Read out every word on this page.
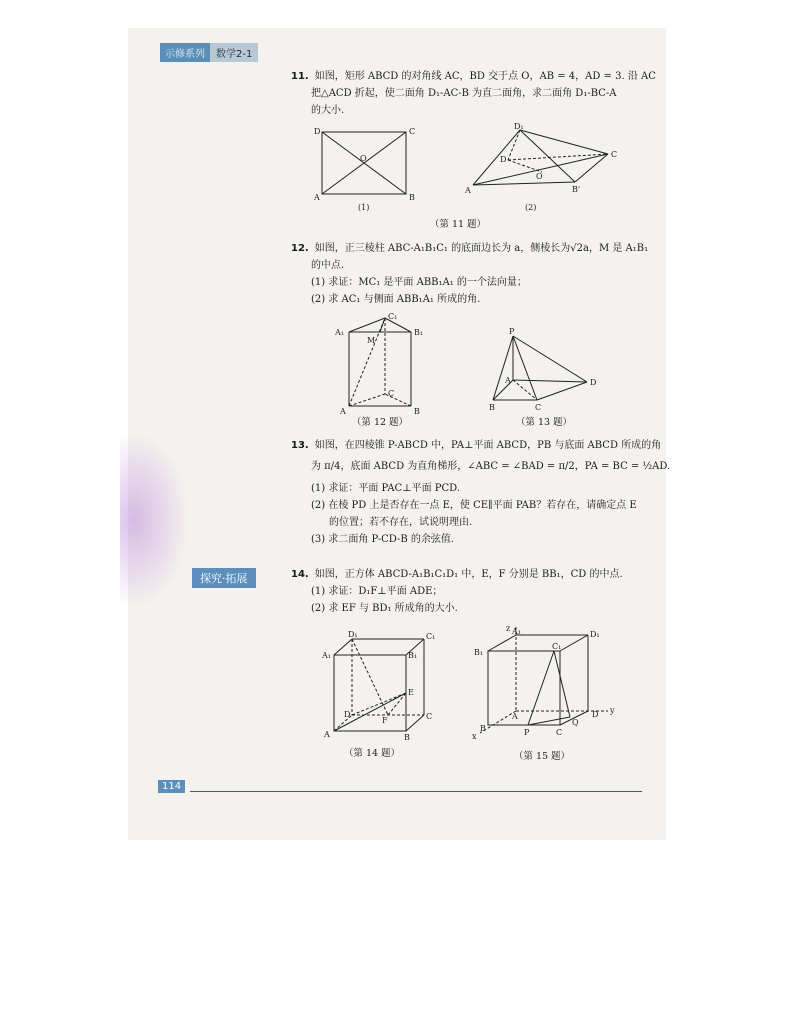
示修系列	数学2-1
11. 如图，矩形 ABCD 的对角线 AC，BD 交于点 O，AB = 4，AD = 3. 沿 AC
把△ACD 折起，使二面角 D₁-AC-B 为直二面角，求二面角 D₁-BC-A
的大小.
D	C
A	B
O
(1)
D₁
C
A	B'
D
O
(2)
（第 11 题）
12. 如图，正三棱柱 ABC-A₁B₁C₁ 的底面边长为 a，侧棱长为√2a，M 是 A₁B₁
的中点.
(1) 求证：MC₁ 是平面 ABB₁A₁ 的一个法向量；
(2) 求 AC₁ 与侧面 ABB₁A₁ 所成的角.
A₁	B₁
C₁
M
A	B
C
P
A
B	C
D
（第 12 题）	（第 13 题）
13. 如图，在四棱锥 P-ABCD 中，PA⊥平面 ABCD，PB 与底面 ABCD 所成的角
为 π/4，底面 ABCD 为直角梯形，∠ABC = ∠BAD = π/2，PA = BC = ½AD.
(1) 求证：平面 PAC⊥平面 PCD.
(2) 在棱 PD 上是否存在一点 E，使 CE∥平面 PAB？若存在，请确定点 E
的位置；若不存在，试说明理由.
(3) 求二面角 P-CD-B 的余弦值.
探究·拓展	14. 如图，正方体 ABCD-A₁B₁C₁D₁ 中，E，F 分别是 BB₁，CD 的中点.
(1) 求证：D₁F⊥平面 ADE；
(2) 求 EF 与 BD₁ 所成角的大小.
D₁	C₁
A₁	B₁
E
F
D	C
A	B
A₁
z
D₁
B₁
C₁
A	D y
B
x	P	C
Q
（第 14 题）	（第 15 题）
114
